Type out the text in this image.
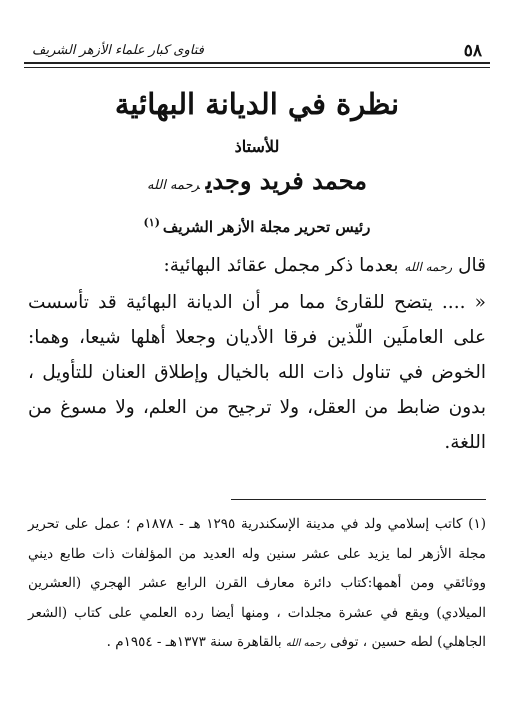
٥٨
فتاوى كبار علماء الأزهر الشريف
نظرة في الديانة البهائية
للأستاذ
محمد فريد وجديرحمه الله
رئيس تحرير مجلة الأزهر الشريف$^{(١)}$

قال رحمه الله بعدما ذكر مجمل عقائد البهائية:

« .... يتضح للقارئ مما مر أن الديانة البهائية قد تأسست على العاملَين اللّذين فرقا الأديان وجعلا أهلها شيعا، وهما: الخوض في تناول ذات الله بالخيال وإطلاق العنان للتأويل ، بدون ضابط من العقل، ولا ترجيح من العلم، ولا مسوغ من اللغة.

(١) كاتب إسلامي ولد في مدينة الإسكندرية ١٢٩٥ هـ - ١٨٧٨م ؛ عمل على تحرير مجلة الأزهر لما يزيد على عشر سنين وله العديد من المؤلفات ذات طابع ديني ووثائقي ومن أهمها:كتاب دائرة معارف القرن الرابع عشر الهجري (العشرين الميلادي) ويقع في عشرة مجلدات ، ومنها أيضا رده العلمي على كتاب (الشعر الجاهلي) لطه حسين ، توفى رحمه الله بالقاهرة سنة ١٣٧٣هـ - ١٩٥٤م .
